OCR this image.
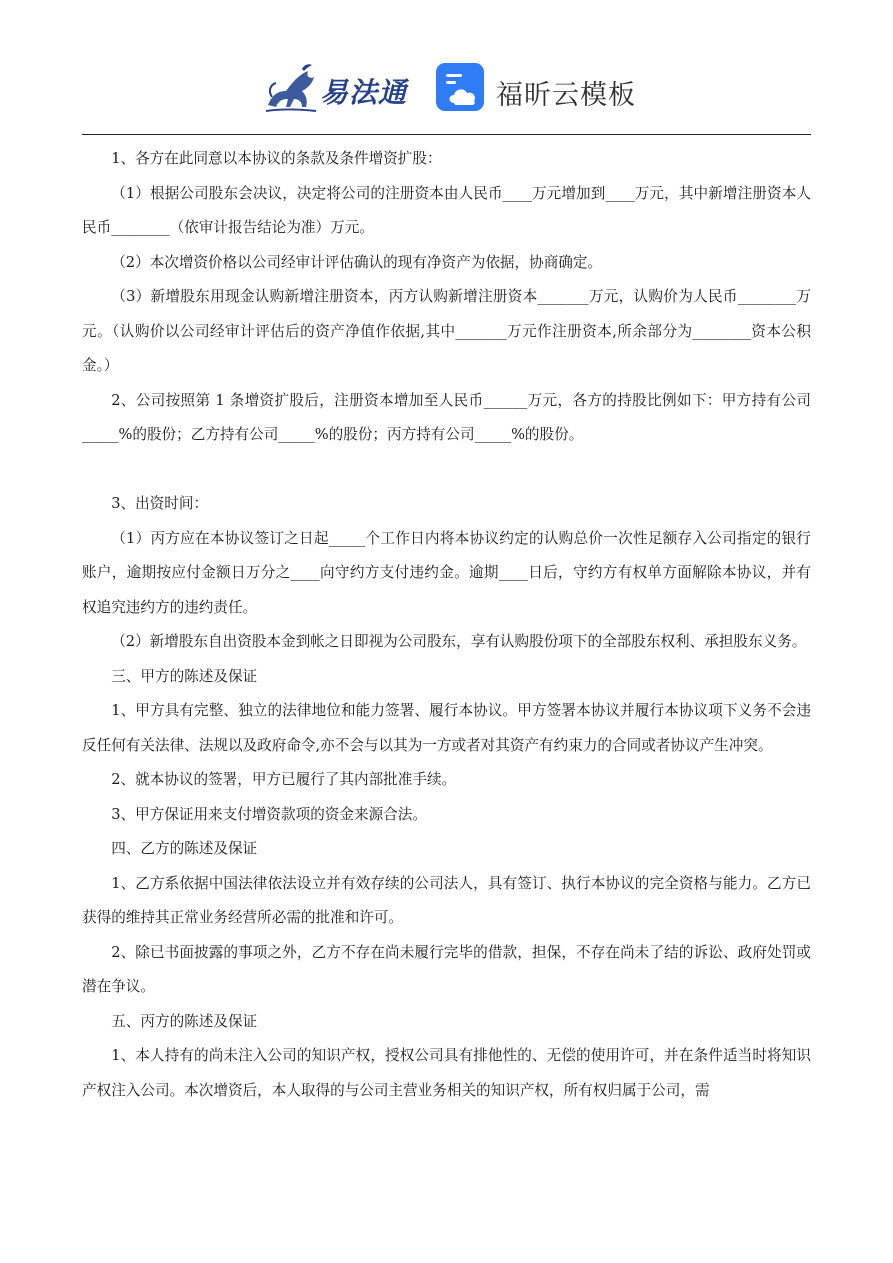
易法通	福昕云模板

1、各方在此同意以本协议的条款及条件增资扩股：

（1）根据公司股东会决议，决定将公司的注册资本由人民币____万元增加到____万元，其中新增注册资本人民币________（依审计报告结论为准）万元。

（2）本次增资价格以公司经审计评估确认的现有净资产为依据，协商确定。

（3）新增股东用现金认购新增注册资本，丙方认购新增注册资本_______万元，认购价为人民币________万元。（认购价以公司经审计评估后的资产净值作依据,其中_______万元作注册资本,所余部分为________资本公积金。）

2、公司按照第 1 条增资扩股后，注册资本增加至人民币______万元，各方的持股比例如下：甲方持有公司_____%的股份；乙方持有公司_____%的股份；丙方持有公司_____%的股份。

3、出资时间：

（1）丙方应在本协议签订之日起_____个工作日内将本协议约定的认购总价一次性足额存入公司指定的银行账户，逾期按应付金额日万分之____向守约方支付违约金。逾期____日后，守约方有权单方面解除本协议，并有权追究违约方的违约责任。

（2）新增股东自出资股本金到帐之日即视为公司股东，享有认购股份项下的全部股东权利、承担股东义务。

三、甲方的陈述及保证

1、甲方具有完整、独立的法律地位和能力签署、履行本协议。甲方签署本协议并履行本协议项下义务不会违反任何有关法律、法规以及政府命令,亦不会与以其为一方或者对其资产有约束力的合同或者协议产生冲突。

2、就本协议的签署，甲方已履行了其内部批准手续。

3、甲方保证用来支付增资款项的资金来源合法。

四、乙方的陈述及保证

1、乙方系依据中国法律依法设立并有效存续的公司法人，具有签订、执行本协议的完全资格与能力。乙方已获得的维持其正常业务经营所必需的批准和许可。

2、除已书面披露的事项之外，乙方不存在尚未履行完毕的借款，担保，不存在尚未了结的诉讼、政府处罚或潜在争议。

五、丙方的陈述及保证

1、本人持有的尚未注入公司的知识产权，授权公司具有排他性的、无偿的使用许可，并在条件适当时将知识产权注入公司。本次增资后，本人取得的与公司主营业务相关的知识产权，所有权归属于公司，需
